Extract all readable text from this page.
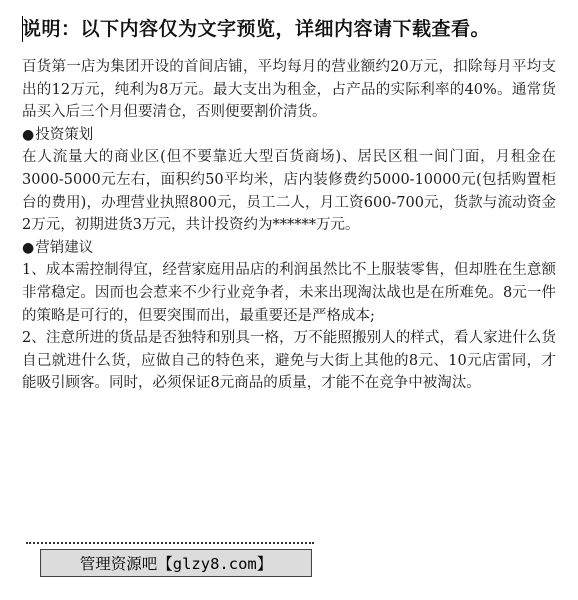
说明：以下内容仅为文字预览，详细内容请下载查看。

百货第一店为集团开设的首间店铺，平均每月的营业额约20万元，扣除每月平均支出的12万元，纯利为8万元。最大支出为租金，占产品的实际利率的40%。通常货品买入后三个月但要清仓，否则便要割价清货。

●投资策划

在人流量大的商业区(但不要靠近大型百货商场)、居民区租一间门面，月租金在3000-5000元左右，面积约50平均米，店内装修费约5000-10000元(包括购置柜台的费用)，办理营业执照800元，员工二人，月工资600-700元，货款与流动资金2万元，初期进货3万元，共计投资约为******万元。

●营销建议

1、成本需控制得宜，经营家庭用品店的利润虽然比不上服装零售，但却胜在生意额非常稳定。因而也会惹来不少行业竞争者，未来出现淘汰战也是在所难免。8元一件的策略是可行的，但要突围而出，最重要还是严格成本;

2、注意所进的货品是否独特和别具一格，万不能照搬别人的样式，看人家进什么货自己就进什么货，应做自己的特色来，避免与大街上其他的8元、10元店雷同，才能吸引顾客。同时，必须保证8元商品的质量，才能不在竞争中被淘汰。

管理资源吧【glzy8.com】
